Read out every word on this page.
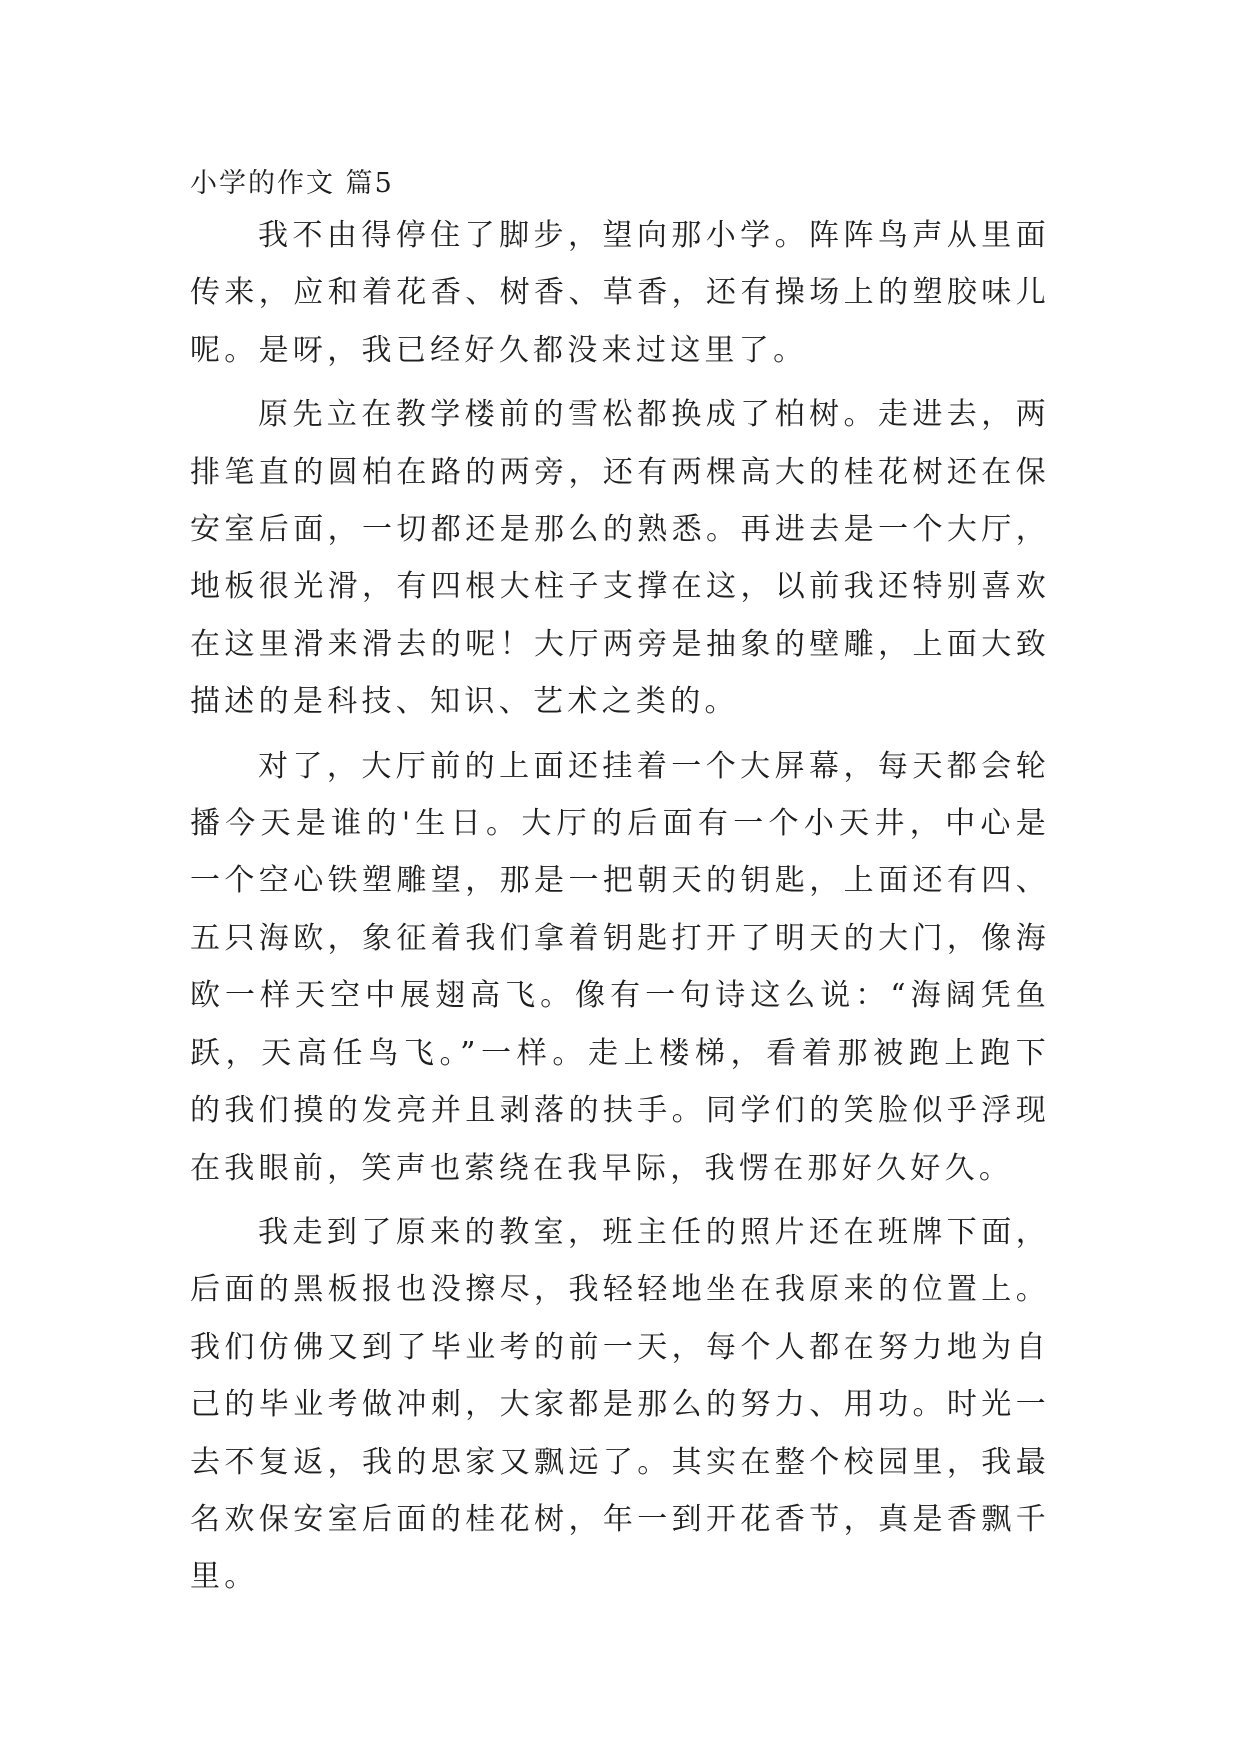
小学的作文 篇5

我不由得停住了脚步，望向那小学。阵阵鸟声从里面传来，应和着花香、树香、草香，还有操场上的塑胶味儿呢。是呀，我已经好久都没来过这里了。

原先立在教学楼前的雪松都换成了柏树。走进去，两排笔直的圆柏在路的两旁，还有两棵高大的桂花树还在保安室后面，一切都还是那么的熟悉。再进去是一个大厅，地板很光滑，有四根大柱子支撑在这，以前我还特别喜欢在这里滑来滑去的呢！大厅两旁是抽象的壁雕，上面大致描述的是科技、知识、艺术之类的。

对了，大厅前的上面还挂着一个大屏幕，每天都会轮播今天是谁的'生日。大厅的后面有一个小天井，中心是一个空心铁塑雕望，那是一把朝天的钥匙，上面还有四、五只海欧，象征着我们拿着钥匙打开了明天的大门，像海欧一样天空中展翅高飞。像有一句诗这么说：“海阔凭鱼跃，天高任鸟飞。”一样。走上楼梯，看着那被跑上跑下的我们摸的发亮并且剥落的扶手。同学们的笑脸似乎浮现在我眼前，笑声也萦绕在我早际，我愣在那好久好久。

我走到了原来的教室，班主任的照片还在班牌下面，后面的黑板报也没擦尽，我轻轻地坐在我原来的位置上。我们仿佛又到了毕业考的前一天，每个人都在努力地为自己的毕业考做冲刺，大家都是那么的努力、用功。时光一去不复返，我的思家又飘远了。其实在整个校园里，我最名欢保安室后面的桂花树，年一到开花香节，真是香飘千里。
